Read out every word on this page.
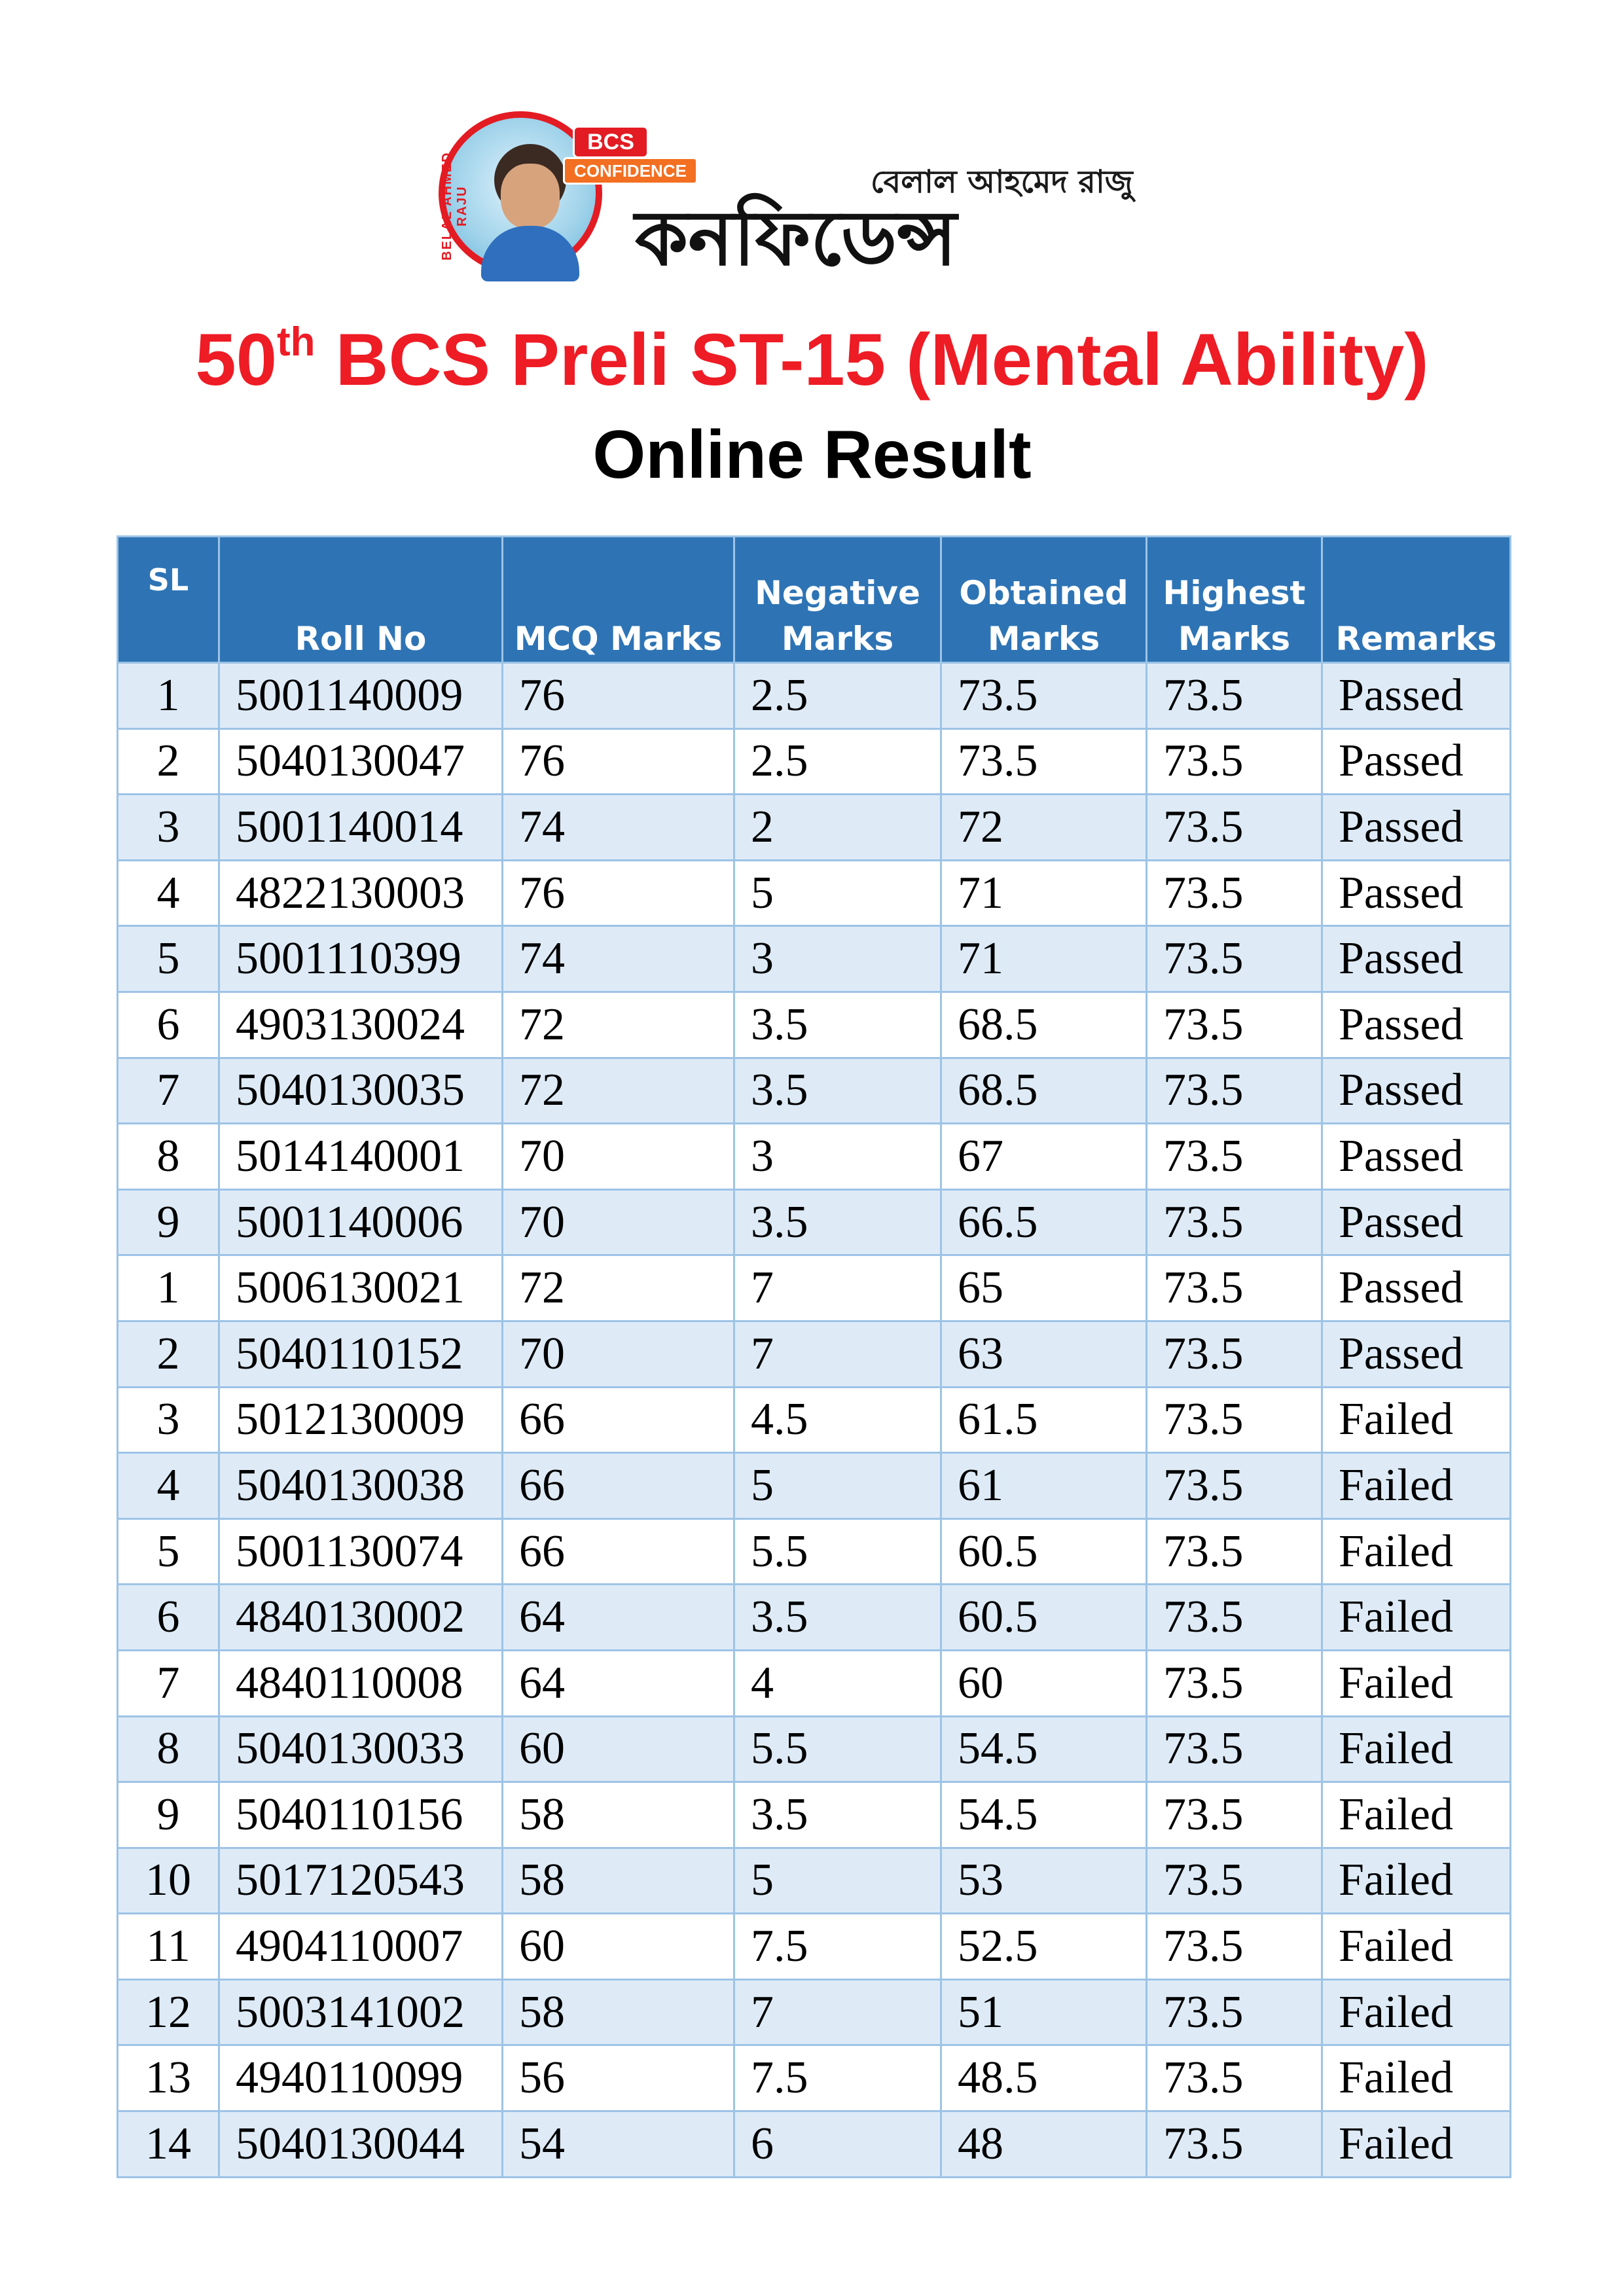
BELAL AHMED RAJU
BCS
CONFIDENCE	বেলাল আহমেদ রাজু
কনফিডেন্স
50th BCS Preli ST-15 (Mental Ability)
Online Result
SL	Roll No	MCQ Marks	Negative Marks	Obtained Marks	Highest Marks	Remarks
1	5001140009	76	2.5	73.5	73.5	Passed
2	5040130047	76	2.5	73.5	73.5	Passed
3	5001140014	74	2	72	73.5	Passed
4	4822130003	76	5	71	73.5	Passed
5	5001110399	74	3	71	73.5	Passed
6	4903130024	72	3.5	68.5	73.5	Passed
7	5040130035	72	3.5	68.5	73.5	Passed
8	5014140001	70	3	67	73.5	Passed
9	5001140006	70	3.5	66.5	73.5	Passed
1	5006130021	72	7	65	73.5	Passed
2	5040110152	70	7	63	73.5	Passed
3	5012130009	66	4.5	61.5	73.5	Failed
4	5040130038	66	5	61	73.5	Failed
5	5001130074	66	5.5	60.5	73.5	Failed
6	4840130002	64	3.5	60.5	73.5	Failed
7	4840110008	64	4	60	73.5	Failed
8	5040130033	60	5.5	54.5	73.5	Failed
9	5040110156	58	3.5	54.5	73.5	Failed
10	5017120543	58	5	53	73.5	Failed
11	4904110007	60	7.5	52.5	73.5	Failed
12	5003141002	58	7	51	73.5	Failed
13	4940110099	56	7.5	48.5	73.5	Failed
14	5040130044	54	6	48	73.5	Failed
